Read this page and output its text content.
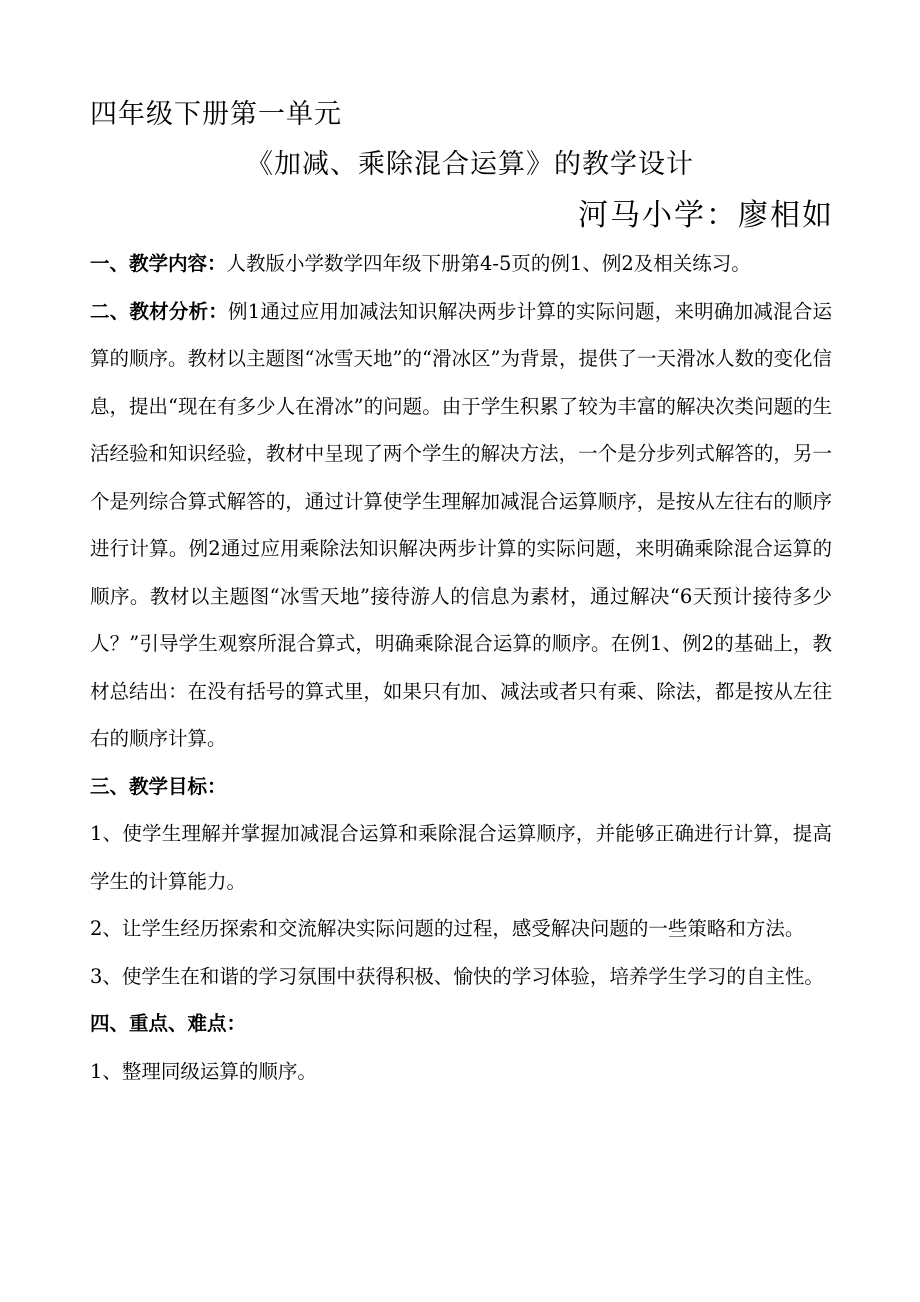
四年级下册第一单元
《加减、乘除混合运算》的教学设计
河马小学：廖相如

一、教学内容：人教版小学数学四年级下册第4-5页的例1、例2及相关练习。

二、教材分析：例1通过应用加减法知识解决两步计算的实际问题，来明确加减混合运算的顺序。教材以主题图“冰雪天地”的“滑冰区”为背景，提供了一天滑冰人数的变化信息，提出“现在有多少人在滑冰”的问题。由于学生积累了较为丰富的解决次类问题的生活经验和知识经验，教材中呈现了两个学生的解决方法，一个是分步列式解答的，另一个是列综合算式解答的，通过计算使学生理解加减混合运算顺序，是按从左往右的顺序进行计算。例2通过应用乘除法知识解决两步计算的实际问题，来明确乘除混合运算的顺序。教材以主题图“冰雪天地”接待游人的信息为素材，通过解决“6天预计接待多少人？”引导学生观察所混合算式，明确乘除混合运算的顺序。在例1、例2的基础上，教材总结出：在没有括号的算式里，如果只有加、减法或者只有乘、除法，都是按从左往右的顺序计算。

三、教学目标：

1、使学生理解并掌握加减混合运算和乘除混合运算顺序，并能够正确进行计算，提高学生的计算能力。

2、让学生经历探索和交流解决实际问题的过程，感受解决问题的一些策略和方法。

3、使学生在和谐的学习氛围中获得积极、愉快的学习体验，培养学生学习的自主性。

四、重点、难点：

1、整理同级运算的顺序。
